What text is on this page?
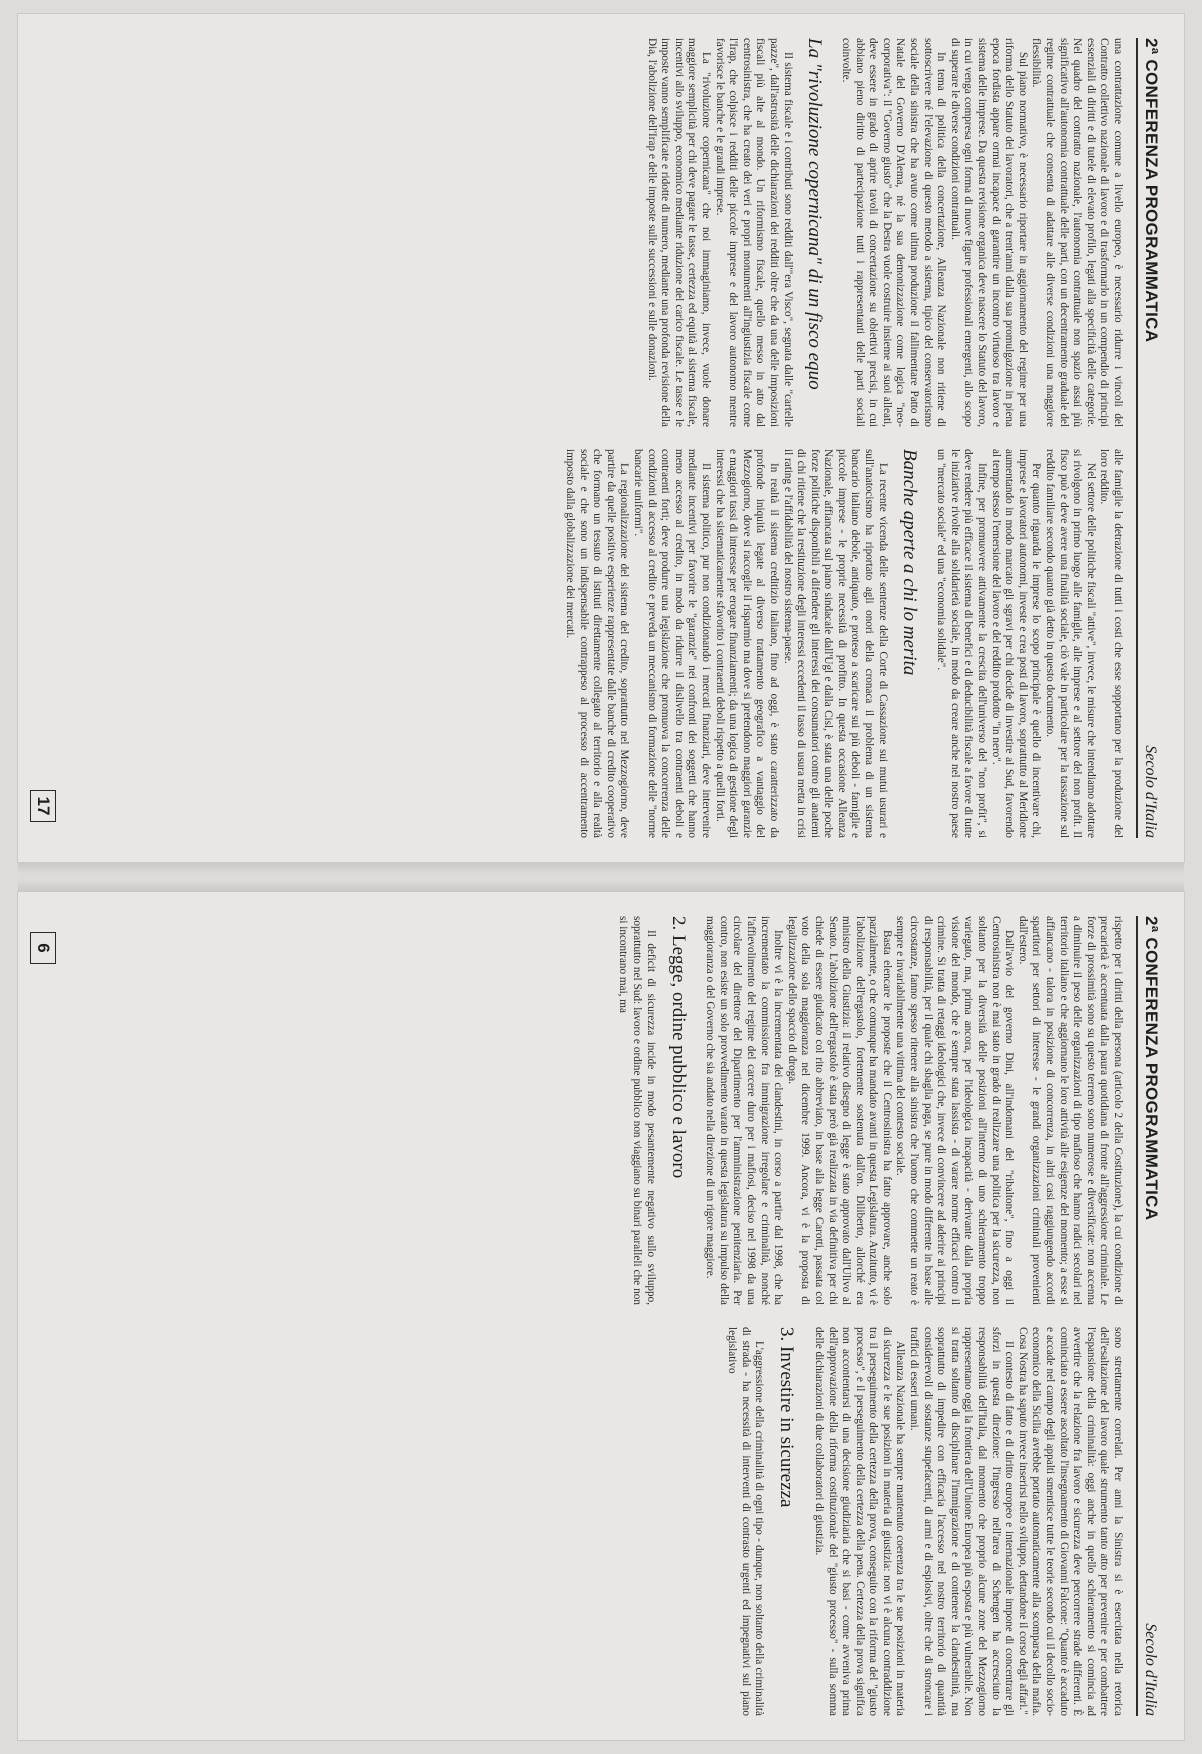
2ª CONFERENZA PROGRAMMATICA
Secolo d'Italia

una contrattazione comune a livello europeo, è necessario ridurre i vincoli del Contratto collettivo nazionale di lavoro e di trasformarlo in un compendio di principi essenziali di diritti e di tutele di elevato profilo, legati alla specificità delle categorie. Nel quadro del contratto nazionale, l'autonomia contrattuale non spazio assai più significativo all'autonomia contrattuale delle parti, con un decentramento graduale del regime contrattuale che consenta di adattare alle diverse condizioni una maggiore flessibilità.

Sul piano normativo, è necessario riportare in aggiornamento del regime per una riforma dello Statuto dei lavoratori, che a trent'anni dalla sua promulgazione in piena epoca fordista appare ormai incapace di garantire un incontro virtuoso tra lavoro e sistema delle imprese. Da questa revisione organica deve nascere lo Statuto del lavoro, in cui venga compresa ogni forma di nuove figure professionali emergenti, allo scopo di superare le diverse condizioni contrattuali.

In tema di politica della concertazione, Alleanza Nazionale non ritiene di sottoscrivere né l'elevazione di questo metodo a sistema, tipico del conservatorismo sociale della sinistra che ha avuto come ultima produzione il fallimentare Patto di Natale del Governo D'Alema, né la sua demonizzazione come logica "neo-corporativa": il "Governo giusto" che la Destra vuole costruire insieme ai suoi alleati, deve essere in grado di aprire tavoli di concertazione su obiettivi precisi, in cui abbiano pieno diritto di partecipazione tutti i rappresentanti delle parti sociali coinvolte.

La "rivoluzione copernicana" di un fisco equo

Il sistema fiscale e i contributi sono redditi dall'"era Visco", segnata dalle "cartelle pazze", dall'astrusità delle dichiarazioni dei redditi oltre che da una delle imposizioni fiscali più alte al mondo. Un riformismo fiscale, quello messo in atto dal centrosinistra, che ha creato dei veri e propri monumenti all'ingiustizia fiscale come l'Irap, che colpisce i redditi delle piccole imprese e del lavoro autonomo mentre favorisce le banche e le grandi imprese.

La "rivoluzione copernicana" che noi immaginiamo, invece, vuole donare maggiore semplicità per chi deve pagare le tasse, certezza ed equità al sistema fiscale, incentivi allo sviluppo, economico mediante riduzione del carico fiscale. Le tasse e le imposte vanno semplificate e ridotte di numero, mediante una profonda revisione della Dia, l'abolizione dell'Irap e delle imposte sulle successioni e sulle donazioni.

alle famiglie la detrazione di tutti i costi che esse sopportano per la produzione del loro reddito.

Nel settore delle politiche fiscali "attive", invece, le misure che intendiamo adottare si rivolgono in primo luogo alle famiglie, alle imprese e al settore del non profit. Il fisco può e deve avere una finalità sociale, ciò vale in particolare per la tassazione sul reddito familiare secondo quanto già detto in questo documento.

Per quanto riguarda le imprese lo scopo principale è quello di incentivare chi, imprese e lavoratori autonomi, investe e crea posti di lavoro, soprattutto al Meridione aumentando in modo marcato gli sgravi per chi decide di investire al Sud, favorendo al tempo stesso l'emersione del lavoro e del reddito prodotto "in nero".

Infine, per promuovere attivamente la crescita dell'universo del "non profit", si deve rendere più efficace il sistema di benefici e di deducibilità fiscale a favore di tutte le iniziative rivolte alla solidarietà sociale, in modo da creare anche nel nostro paese un "mercato sociale" ed una "economia solidale".

Banche aperte a chi lo merita

La recente vicenda delle sentenze della Corte di Cassazione sui mutui usurari e sull'anatocismo ha riportato agli onori della cronaca il problema di un sistema bancario italiano debole, antiquato, e proteso a scaricare sui più deboli - famiglie e piccole imprese - le proprie necessità di profitto. In questa occasione Alleanza Nazionale, affiancata sul piano sindacale dall'Ugl e dalla Cisl, è stata una delle poche forze politiche disponibili a difendere gli interessi dei consumatori contro gli anatemi di chi ritiene che la restituzione degli interessi eccedenti il tasso di usura metta in crisi il rating e l'affidabilità del nostro sistema-paese.

In realtà il sistema creditizio italiano, fino ad oggi, è stato caratterizzato da profonde iniquità legate al diverso trattamento geografico a vantaggio del Mezzogiorno, dove si raccoglie il risparmio ma dove si pretendono maggiori garanzie e maggiori tassi di interesse per erogare finanziamenti; da una logica di gestione degli interessi che ha sistematicamente sfavorito i contraenti deboli rispetto a quelli forti.

Il sistema politico, pur non condizionando i mercati finanziari, deve intervenire mediante incentivi per favorire le "garanzie" nei confronti dei soggetti che hanno meno accesso al credito, in modo da ridurre il dislivello tra contraenti deboli e contraenti forti; deve produrre una legislazione che promuova la concorrenza delle condizioni di accesso al credito e preveda un meccanismo di formazione delle "norme bancarie uniformi".

La regionalizzazione del sistema del credito, soprattutto nel Mezzogiorno, deve partire da quelle positive esperienze rappresentate dalle banche di credito cooperativo che formano un tessuto di istituti direttamente collegato al territorio e alla realtà sociale e che sono un indispensabile contrappeso al processo di accentramento imposto dalla globalizzazione dei mercati.

17
2ª CONFERENZA PROGRAMMATICA
Secolo d'Italia

rispetto per i diritti della persona (articolo 2 della Costituzione), la cui condizione di precarietà è accentuata dalla paura quotidiana di fronte all'aggressione criminale. Le forze di prossimità sono su questo terreno sono numerose e diversificate: non accenna a diminuire il peso delle organizzazioni di tipo mafioso che hanno radici secolari nel territorio italiano e che aggiornano le loro attività alle esigenze del momento; a esse si affiancano - talora in posizione di concorrenza, in altri casi raggiungendo accordi spartitori per settori di interesse - le grandi organizzazioni criminali provenienti dall'estero.

Dall'avvio del governo Dini, all'indomani del "ribaltone", fino a oggi il Centrosinistra non è mai stato in grado di realizzare una politica per la sicurezza, non soltanto per la diversità delle posizioni all'interno di uno schieramento troppo variegato, ma, prima ancora, per l'ideologica incapacità - derivante dalla propria visione del mondo, che è sempre stata lassista - di varare norme efficaci contro il crimine. Si tratta di retaggi ideologici che, invece di convincere ad aderire ai principi di responsabilità, per il quale chi sbaglia paga, se pure in modo differente in base alle circostanze, fanno spesso ritenere alla sinistra che l'uomo che commette un reato è sempre e invariabilmente una vittima del contesto sociale.

Basta elencare le proposte che il Centrosinistra ha fatto approvare, anche solo parzialmente, o che comunque ha mandato avanti in questa Legislatura. Anzitutto, vi è l'abolizione dell'ergastolo, fortemente sostenuta dall'on. Diliberto, allorché era ministro della Giustizia: il relativo disegno di legge è stato approvato dall'Ulivo al Senato. L'abolizione dell'ergastolo è stata però già realizzata in via definitiva per chi chiede di essere giudicato col rito abbreviato, in base alla legge Carotti, passata col voto della sola maggioranza nel dicembre 1999. Ancora, vi è la proposta di legalizzazione dello spaccio di droga.

Inoltre vi è la incrementata dei clandestini, in corso a partire dal 1998, che ha incrementato la commissione fra immigrazione irregolare e criminalità, nonché l'affievolimento del regime del carcere duro per i mafiosi, deciso nel 1998 da una circolare del direttore del Dipartimento per l'amministrazione penitenziaria. Per contro, non esiste un solo provvedimento varato in questa legislatura su impulso della maggioranza o del Governo che sia andato nella direzione di un rigore maggiore.

2. Legge, ordine pubblico e lavoro

Il deficit di sicurezza incide in modo pesantemente negativo sullo sviluppo, soprattutto nel Sud: lavoro e ordine pubblico non viaggiano su binari paralleli che non si incontrano mai, ma

sono strettamente correlati. Per anni la Sinistra si è esercitata nella retorica dell'esaltazione del lavoro quale strumento tanto atto per prevenire e per combattere l'espansione della criminalità: oggi anche in quello schieramento si comincia ad avvertire che la relazione fra lavoro e sicurezza deve percorrere strade differenti. È cominciato a essere ascoltato l'insegnamento di Giovanni Falcone: "Quanto è accaduto e accade nel campo degli appalti smentisce tutte le teorie secondo cui il decollo socio-economico della Sicilia avrebbe portato automaticamente alla scomparsa della mafia. Cosa Nostra ha saputo invece inserirsi nello sviluppo, dettandone il corso degli affari."

Il contesto di fatto e di diritto europeo e internazionale impone di concentrare gli sforzi in questa direzione: l'ingresso nell'area di Schengen ha accresciuto la responsabilità dell'Italia, dal momento che proprio alcune zone del Mezzogiorno rappresentano oggi la frontiera dell'Unione Europea più esposta e più vulnerabile. Non si tratta soltanto di disciplinare l'immigrazione e di contenere la clandestinità, ma soprattutto di impedire con efficacia l'accesso nel nostro territorio di quantità considerevoli di sostanze stupefacenti, di armi e di esplosivi, oltre che di stroncare i traffici di esseri umani.

Alleanza Nazionale ha sempre mantenuto coerenza tra le sue posizioni in materia di sicurezza e le sue posizioni in materia di giustizia: non vi è alcuna contraddizione tra il perseguimento della certezza della prova, conseguito con la riforma del "giusto processo", e il perseguimento della certezza della pena. Certezza della prova significa non accontentarsi di una decisione giudiziaria che si basi - come avveniva prima dell'approvazione della riforma costituzionale del "giusto processo" - sulla somma delle dichiarazioni di due collaboratori di giustizia.

3. Investire in sicurezza

L'aggressione della criminalità di ogni tipo - dunque, non soltanto della criminalità di strada - ha necessità di interventi di contrasto urgenti ed impegnativi sul piano legislativo

6
